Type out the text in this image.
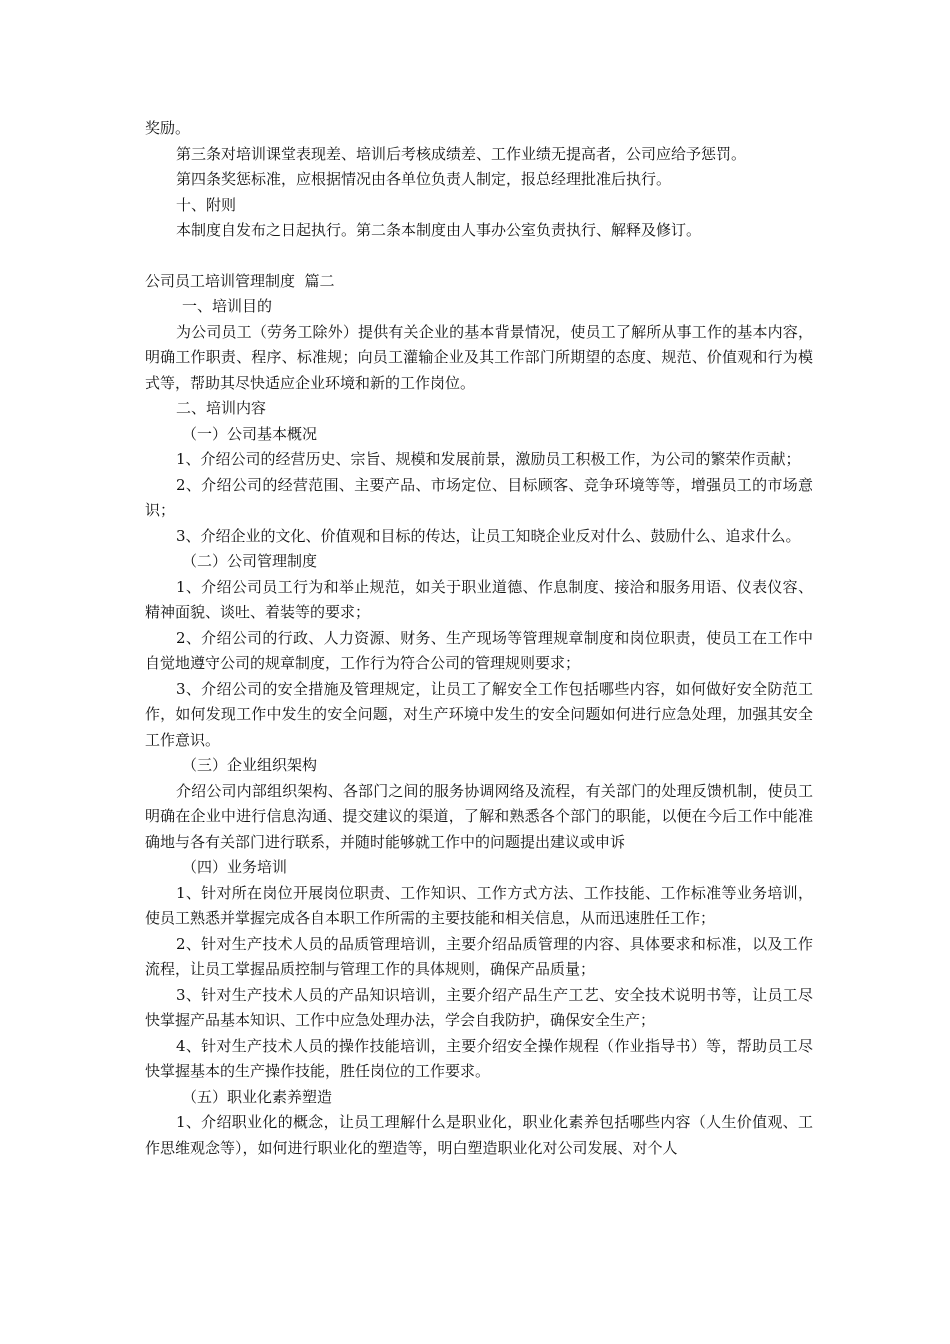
奖励。

第三条对培训课堂表现差、培训后考核成绩差、工作业绩无提高者，公司应给予惩罚。

第四条奖惩标准，应根据情况由各单位负责人制定，报总经理批准后执行。

十、附则

本制度自发布之日起执行。第二条本制度由人事办公室负责执行、解释及修订。

公司员工培训管理制度  篇二

一、培训目的

为公司员工（劳务工除外）提供有关企业的基本背景情况，使员工了解所从事工作的基本内容，明确工作职责、程序、标准规；向员工灌输企业及其工作部门所期望的态度、规范、价值观和行为模式等，帮助其尽快适应企业环境和新的工作岗位。

二、培训内容

（一）公司基本概况

1、介绍公司的经营历史、宗旨、规模和发展前景，激励员工积极工作，为公司的繁荣作贡献；

2、介绍公司的经营范围、主要产品、市场定位、目标顾客、竞争环境等等，增强员工的市场意识；

3、介绍企业的文化、价值观和目标的传达，让员工知晓企业反对什么、鼓励什么、追求什么。

（二）公司管理制度

1、介绍公司员工行为和举止规范，如关于职业道德、作息制度、接洽和服务用语、仪表仪容、精神面貌、谈吐、着装等的要求；

2、介绍公司的行政、人力资源、财务、生产现场等管理规章制度和岗位职责，使员工在工作中自觉地遵守公司的规章制度，工作行为符合公司的管理规则要求；

3、介绍公司的安全措施及管理规定，让员工了解安全工作包括哪些内容，如何做好安全防范工作，如何发现工作中发生的安全问题，对生产环境中发生的安全问题如何进行应急处理，加强其安全工作意识。

（三）企业组织架构

介绍公司内部组织架构、各部门之间的服务协调网络及流程，有关部门的处理反馈机制，使员工明确在企业中进行信息沟通、提交建议的渠道，了解和熟悉各个部门的职能，以便在今后工作中能准确地与各有关部门进行联系，并随时能够就工作中的问题提出建议或申诉

（四）业务培训

1、针对所在岗位开展岗位职责、工作知识、工作方式方法、工作技能、工作标准等业务培训，使员工熟悉并掌握完成各自本职工作所需的主要技能和相关信息，从而迅速胜任工作；

2、针对生产技术人员的品质管理培训，主要介绍品质管理的内容、具体要求和标准，以及工作流程，让员工掌握品质控制与管理工作的具体规则，确保产品质量；

3、针对生产技术人员的产品知识培训，主要介绍产品生产工艺、安全技术说明书等，让员工尽快掌握产品基本知识、工作中应急处理办法，学会自我防护，确保安全生产；

4、针对生产技术人员的操作技能培训，主要介绍安全操作规程（作业指导书）等，帮助员工尽快掌握基本的生产操作技能，胜任岗位的工作要求。

（五）职业化素养塑造

1、介绍职业化的概念，让员工理解什么是职业化，职业化素养包括哪些内容（人生价值观、工作思维观念等），如何进行职业化的塑造等，明白塑造职业化对公司发展、对个人
